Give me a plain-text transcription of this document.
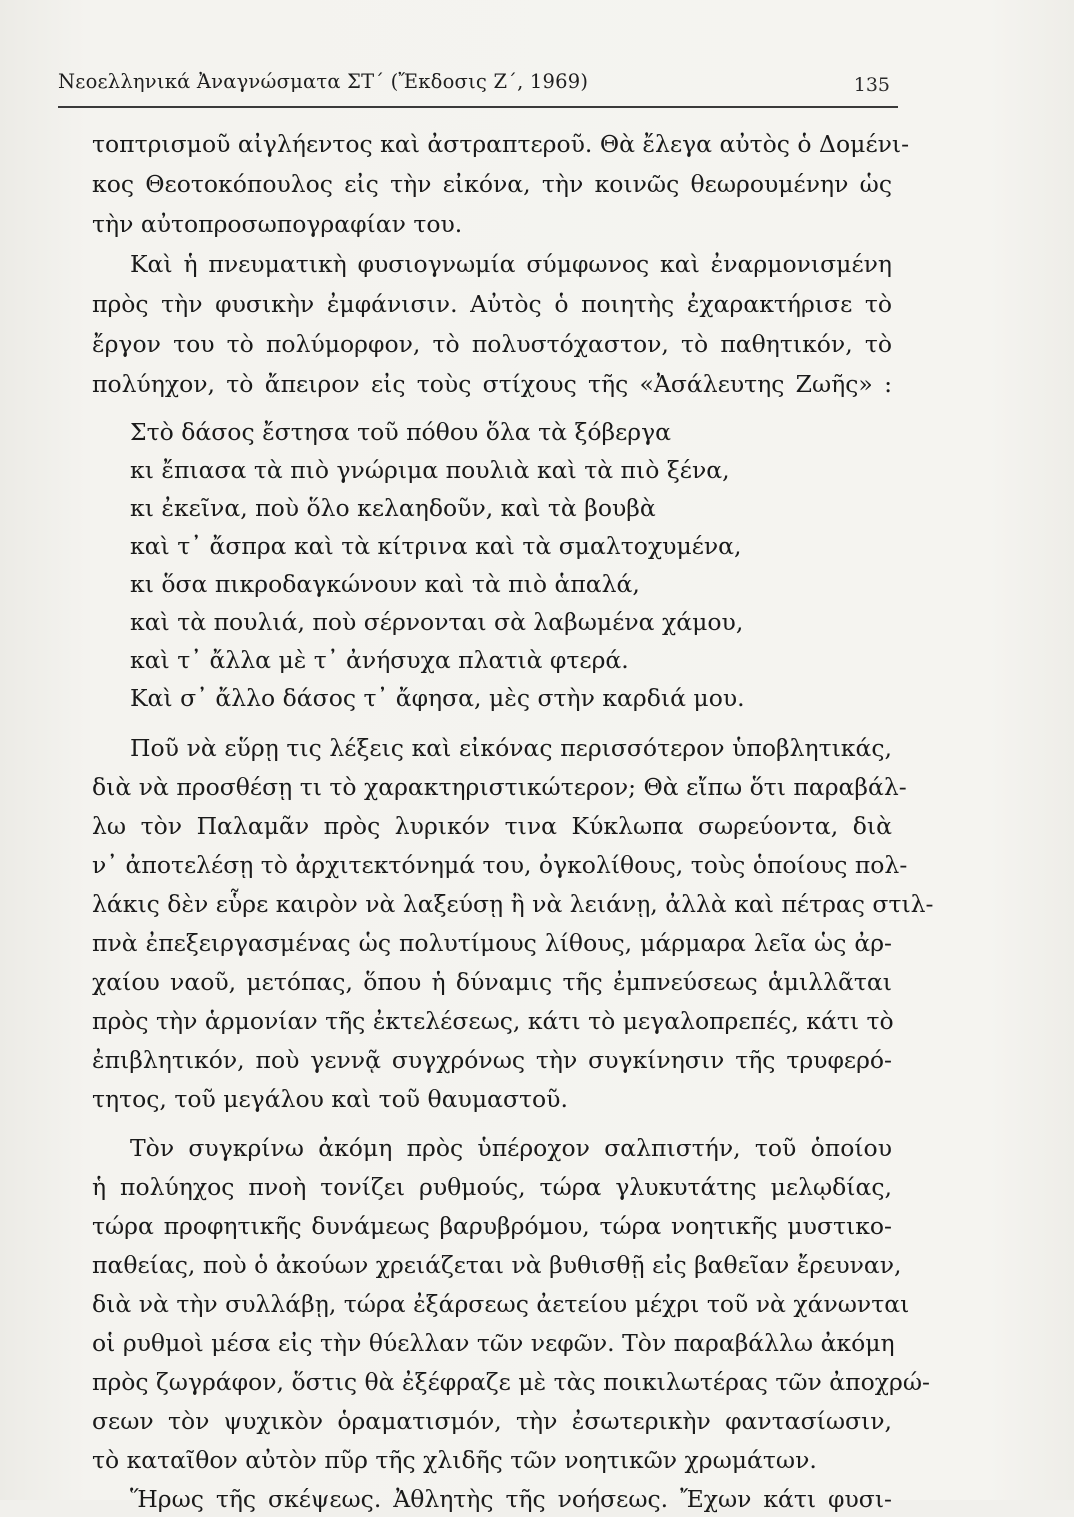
Νεοελληνικά Ἀναγνώσματα ΣΤ΄ (Ἔκδοσις Ζ΄, 1969)	135
τοπτρισμοῦ αἰγλήεντος καὶ ἀστραπτεροῦ. Θὰ ἔλεγα αὐτὸς ὁ Δομένι-
κος Θεοτοκόπουλος εἰς τὴν εἰκόνα, τὴν κοινῶς θεωρουμένην ὡς
τὴν αὐτοπροσωπογραφίαν του.
Καὶ ἡ πνευματικὴ φυσιογνωμία σύμφωνος καὶ ἐναρμονισμένη
πρὸς τὴν φυσικὴν ἐμφάνισιν. Αὐτὸς ὁ ποιητὴς ἐχαρακτήρισε τὸ
ἔργον του τὸ πολύμορφον, τὸ πολυστόχαστον, τὸ παθητικόν, τὸ
πολύηχον, τὸ ἄπειρον εἰς τοὺς στίχους τῆς «Ἀσάλευτης Ζωῆς» :
Στὸ δάσος ἔστησα τοῦ πόθου ὅλα τὰ ξόβεργα
κι ἔπιασα τὰ πιὸ γνώριμα πουλιὰ καὶ τὰ πιὸ ξένα,
κι ἐκεῖνα, ποὺ ὅλο κελαηδοῦν, καὶ τὰ βουβὰ
καὶ τ᾿ ἄσπρα καὶ τὰ κίτρινα καὶ τὰ σμαλτοχυμένα,
κι ὅσα πικροδαγκώνουν καὶ τὰ πιὸ ἁπαλά,
καὶ τὰ πουλιά, ποὺ σέρνονται σὰ λαβωμένα χάμου,
καὶ τ᾿ ἄλλα μὲ τ᾿ ἀνήσυχα πλατιὰ φτερά.
Καὶ σ᾿ ἄλλο δάσος τ᾿ ἄφησα, μὲς στὴν καρδιά μου.
Ποῦ νὰ εὕρῃ τις λέξεις καὶ εἰκόνας περισσότερον ὑποβλητικάς,
διὰ νὰ προσθέσῃ τι τὸ χαρακτηριστικώτερον; Θὰ εἴπω ὅτι παραβάλ-
λω τὸν Παλαμᾶν πρὸς λυρικόν τινα Κύκλωπα σωρεύοντα, διὰ
ν᾿ ἀποτελέσῃ τὸ ἀρχιτεκτόνημά του, ὀγκολίθους, τοὺς ὁποίους πολ-
λάκις δὲν εὗρε καιρὸν νὰ λαξεύσῃ ἢ νὰ λειάνῃ, ἀλλὰ καὶ πέτρας στιλ-
πνὰ ἐπεξειργασμένας ὡς πολυτίμους λίθους, μάρμαρα λεῖα ὡς ἀρ-
χαίου ναοῦ, μετόπας, ὅπου ἡ δύναμις τῆς ἐμπνεύσεως ἁμιλλᾶται
πρὸς τὴν ἁρμονίαν τῆς ἐκτελέσεως, κάτι τὸ μεγαλοπρεπές, κάτι τὸ
ἐπιβλητικόν, ποὺ γεννᾷ συγχρόνως τὴν συγκίνησιν τῆς τρυφερό-
τητος, τοῦ μεγάλου καὶ τοῦ θαυμαστοῦ.
Τὸν συγκρίνω ἀκόμη πρὸς ὑπέροχον σαλπιστήν, τοῦ ὁποίου
ἡ πολύηχος πνοὴ τονίζει ρυθμούς, τώρα γλυκυτάτης μελῳδίας,
τώρα προφητικῆς δυνάμεως βαρυβρόμου, τώρα νοητικῆς μυστικο-
παθείας, ποὺ ὁ ἀκούων χρειάζεται νὰ βυθισθῇ εἰς βαθεῖαν ἔρευναν,
διὰ νὰ τὴν συλλάβῃ, τώρα ἐξάρσεως ἀετείου μέχρι τοῦ νὰ χάνωνται
οἱ ρυθμοὶ μέσα εἰς τὴν θύελλαν τῶν νεφῶν. Τὸν παραβάλλω ἀκόμη
πρὸς ζωγράφον, ὅστις θὰ ἐξέφραζε μὲ τὰς ποικιλωτέρας τῶν ἀποχρώ-
σεων τὸν ψυχικὸν ὁραματισμόν, τὴν ἐσωτερικὴν φαντασίωσιν,
τὸ καταῖθον αὐτὸν πῦρ τῆς χλιδῆς τῶν νοητικῶν χρωμάτων.
Ἥρως τῆς σκέψεως. Ἀθλητὴς τῆς νοήσεως. Ἔχων κάτι φυσι-
